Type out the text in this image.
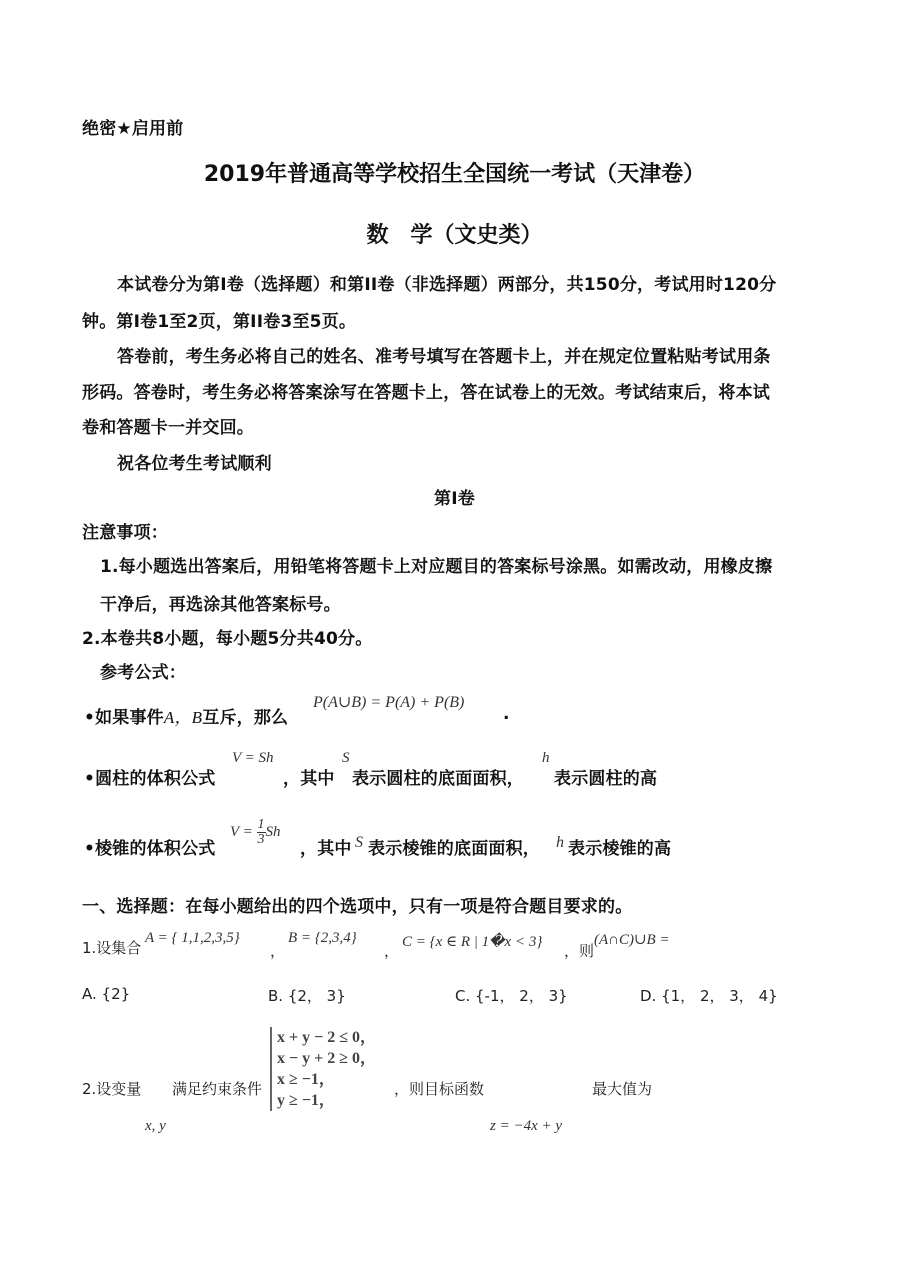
绝密★启用前
2019年普通高等学校招生全国统一考试（天津卷）
数　学（文史类）
本试卷分为第I卷（选择题）和第II卷（非选择题）两部分，共150分，考试用时120分
钟。第I卷1至2页，第II卷3至5页。
答卷前，考生务必将自己的姓名、准考号填写在答题卡上，并在规定位置粘贴考试用条
形码。答卷时，考生务必将答案涂写在答题卡上，答在试卷上的无效。考试结束后，将本试
卷和答题卡一并交回。
祝各位考生考试顺利
第I卷
注意事项：
1.每小题选出答案后，用铅笔将答题卡上对应题目的答案标号涂黑。如需改动，用橡皮擦
干净后，再选涂其他答案标号。
2.本卷共8小题，每小题5分共40分。
参考公式：
•如果事件A，B互斥，那么
P(A∪B) = P(A) + P(B)
.
•圆柱的体积公式
V = Sh
，其中
S
表示圆柱的底面面积，
h
表示圆柱的高
•棱锥的体积公式
$V = \frac{1}{3}$ Sh
，其中 S 表示棱锥的底面面积， h 表示棱锥的高
一、选择题：在每小题给出的四个选项中，只有一项是符合题目要求的。
1.设集合
A = { 1,1,2,3,5}
，
B = {2,3,4}
， C = {x ∈ R | 1�x < 3} ，则
(A∩C)∪B =
A. {2}	B. {2， 3}	C. {-1， 2， 3}	D. {1， 2， 3， 4}
2.设变量 满足约束条件
x + y − 2 ≤ 0，
x − y + 2 ≥ 0，
x ≥ −1，
y ≥ −1，
，则目标函数	最大值为
x, y	z = −4x + y
